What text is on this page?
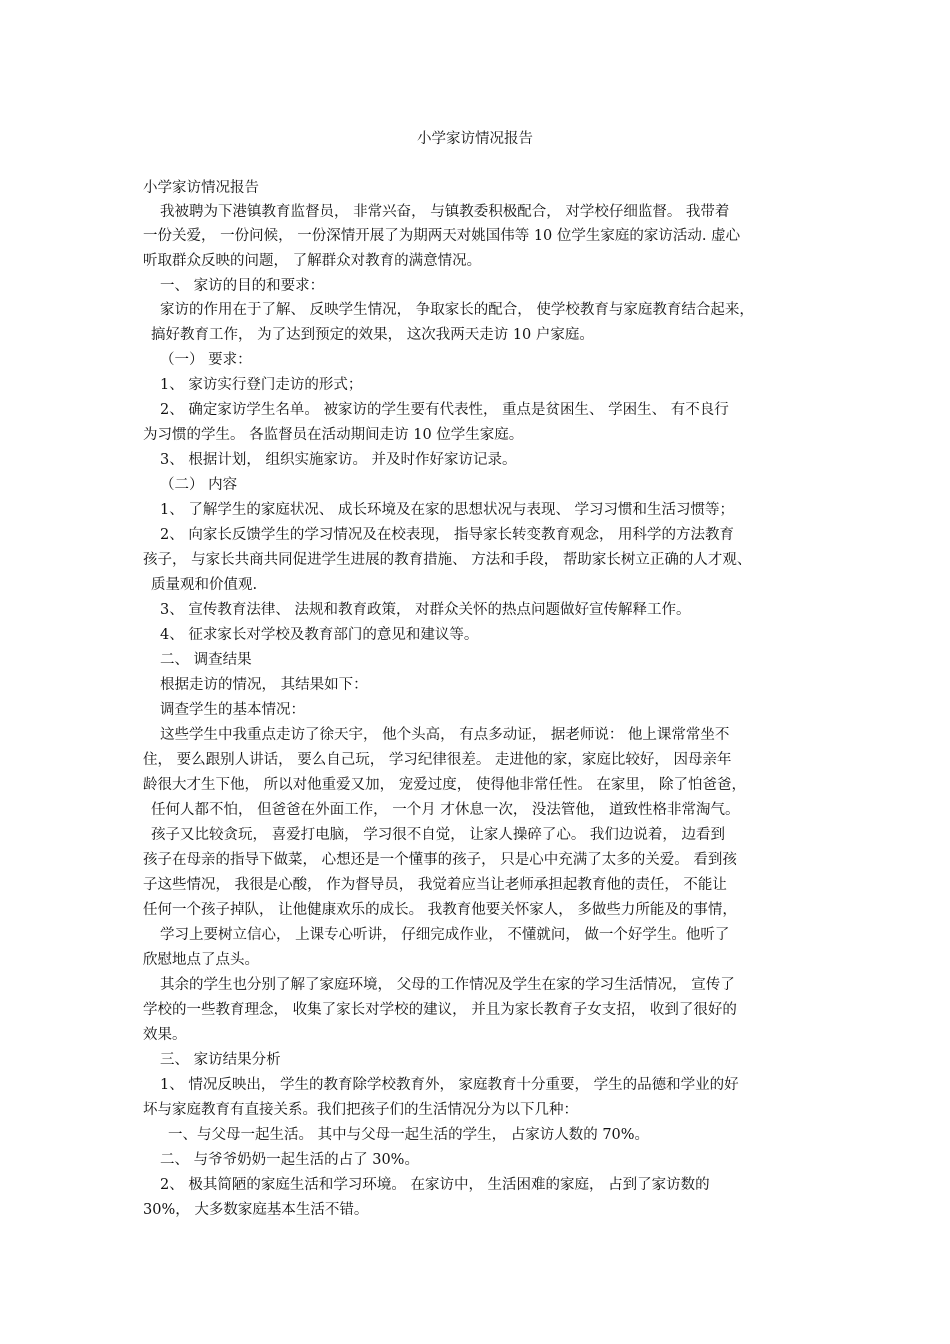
小学家访情况报告
小学家访情况报告
我被聘为下港镇教育监督员， 非常兴奋， 与镇教委积极配合， 对学校仔细监督。 我带着
一份关爱， 一份问候， 一份深情开展了为期两天对姚国伟等 10 位学生家庭的家访活动. 虚心
听取群众反映的问题， 了解群众对教育的满意情况。
一、 家访的目的和要求：
家访的作用在于了解、 反映学生情况， 争取家长的配合， 使学校教育与家庭教育结合起来，
搞好教育工作， 为了达到预定的效果， 这次我两天走访 10 户家庭。
（一） 要求：
1、 家访实行登门走访的形式；
2、 确定家访学生名单。 被家访的学生要有代表性， 重点是贫困生、 学困生、 有不良行
为习惯的学生。 各监督员在活动期间走访 10 位学生家庭。
3、 根据计划， 组织实施家访。 并及时作好家访记录。
（二） 内容
1、 了解学生的家庭状况、 成长环境及在家的思想状况与表现、 学习习惯和生活习惯等；
2、 向家长反馈学生的学习情况及在校表现， 指导家长转变教育观念， 用科学的方法教育
孩子， 与家长共商共同促进学生进展的教育措施、 方法和手段， 帮助家长树立正确的人才观、
质量观和价值观.
3、 宣传教育法律、 法规和教育政策， 对群众关怀的热点问题做好宣传解释工作。
4、 征求家长对学校及教育部门的意见和建议等。
二、 调查结果
根据走访的情况， 其结果如下：
调查学生的基本情况：
这些学生中我重点走访了徐天宇， 他个头高， 有点多动证， 据老师说： 他上课常常坐不
住， 要么跟别人讲话， 要么自己玩， 学习纪律很差。 走进他的家，家庭比较好， 因母亲年
龄很大才生下他， 所以对他重爱又加， 宠爱过度， 使得他非常任性。 在家里， 除了怕爸爸，
任何人都不怕， 但爸爸在外面工作， 一个月 才休息一次， 没法管他， 道致性格非常淘气。
孩子又比较贪玩， 喜爱打电脑， 学习很不自觉， 让家人操碎了心。 我们边说着， 边看到
孩子在母亲的指导下做菜， 心想还是一个懂事的孩子， 只是心中充满了太多的关爱。 看到孩
子这些情况， 我很是心酸， 作为督导员， 我觉着应当让老师承担起教育他的责任， 不能让
任何一个孩子掉队， 让他健康欢乐的成长。 我教育他要关怀家人， 多做些力所能及的事情，
学习上要树立信心， 上课专心听讲， 仔细完成作业， 不懂就问， 做一个好学生。他听了
欣慰地点了点头。
其余的学生也分别了解了家庭环境， 父母的工作情况及学生在家的学习生活情况， 宣传了
学校的一些教育理念， 收集了家长对学校的建议， 并且为家长教育子女支招， 收到了很好的
效果。
三、 家访结果分析
1、 情况反映出， 学生的教育除学校教育外， 家庭教育十分重要， 学生的品德和学业的好
坏与家庭教育有直接关系。我们把孩子们的生活情况分为以下几种：
一、与父母一起生活。 其中与父母一起生活的学生， 占家访人数的 70%。
二、 与爷爷奶奶一起生活的占了 30%。
2、 极其简陋的家庭生活和学习环境。 在家访中， 生活困难的家庭， 占到了家访数的
30%， 大多数家庭基本生活不错。
